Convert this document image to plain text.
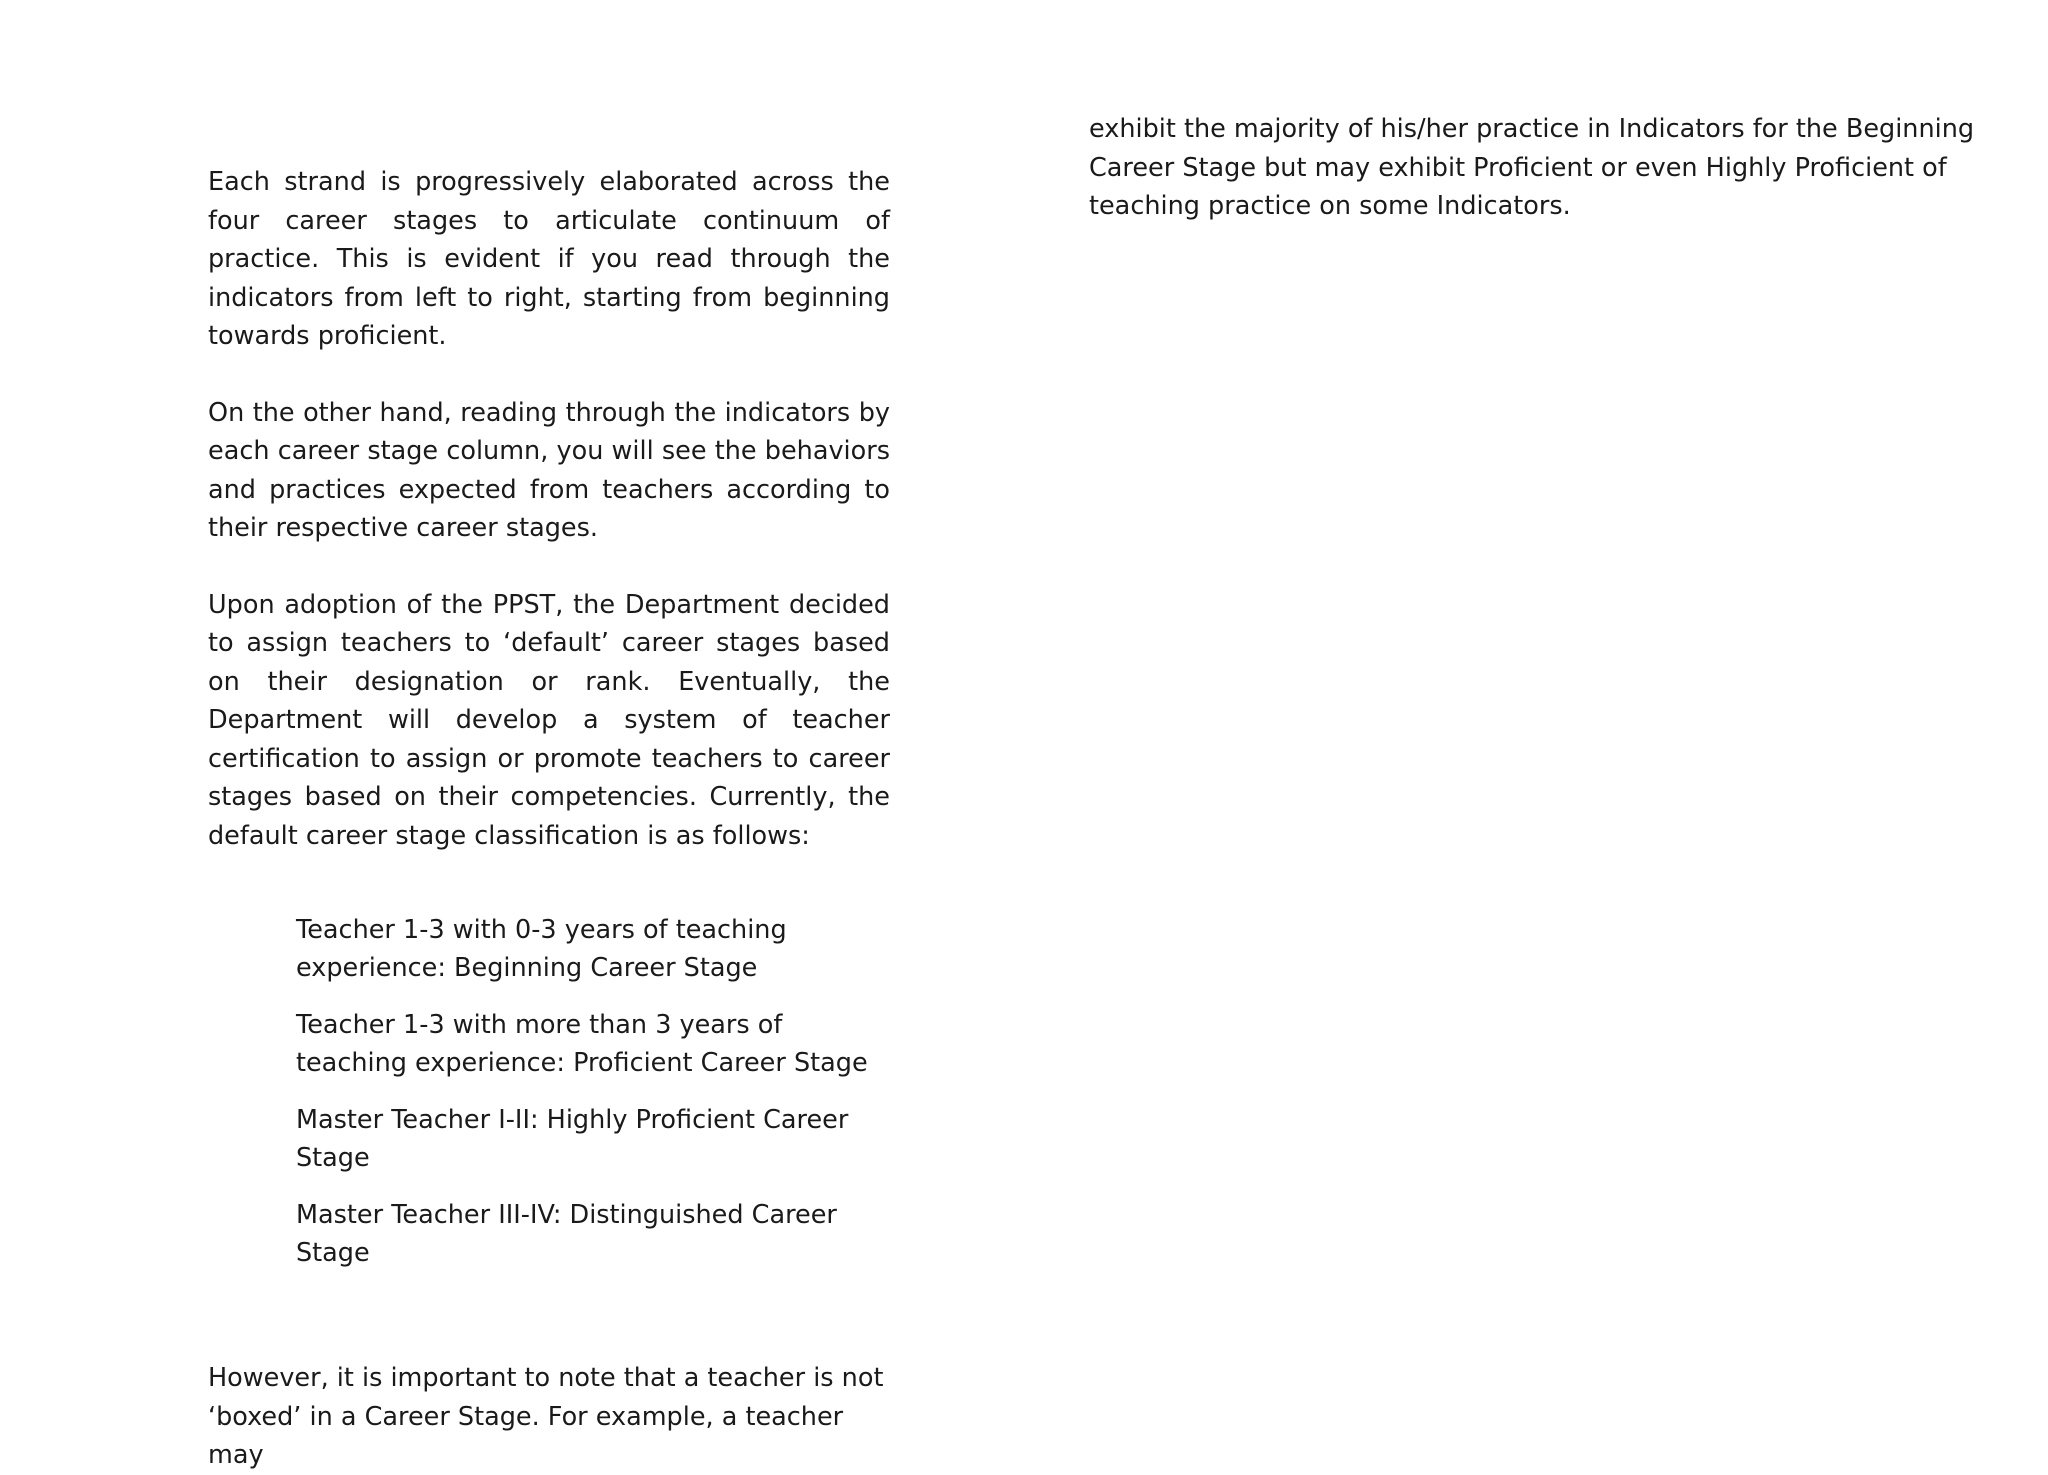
Each strand is progressively elaborated across the four career stages to articulate continuum of practice. This is evident if you read through the indicators from left to right, starting from beginning towards proficient.

On the other hand, reading through the indicators by each career stage column, you will see the behaviors and practices expected from teachers according to their respective career stages.

Upon adoption of the PPST, the Department decided to assign teachers to ‘default’ career stages based on their designation or rank. Eventually, the Department will develop a system of teacher certification to assign or promote teachers to career stages based on their competencies. Currently, the default career stage classification is as follows:

Teacher 1-3 with 0-3 years of teaching experience: Beginning Career Stage
Teacher 1-3 with more than 3 years of teaching experience: Proficient Career Stage
Master Teacher I-II: Highly Proficient Career Stage
Master Teacher III-IV: Distinguished Career Stage

However, it is important to note that a teacher is not ‘boxed’ in a Career Stage. For example, a teacher may

exhibit the majority of his/her practice in Indicators for the Beginning Career Stage but may exhibit Proficient or even Highly Proficient of teaching practice on some Indicators.
